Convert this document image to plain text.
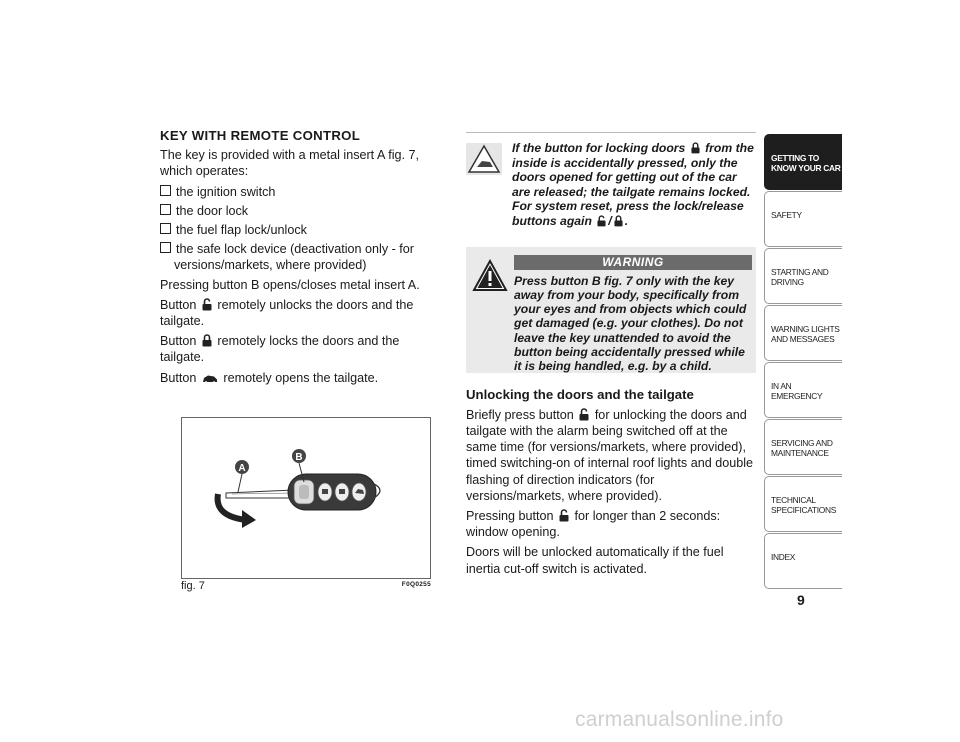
KEY WITH REMOTE CONTROL
The key is provided with a metal insert A fig. 7, which operates:
the ignition switch
the door lock
the fuel flap lock/unlock
the safe lock device (deactivation only - for versions/markets, where provided)
Pressing button B opens/closes metal insert A.
Button remotely unlocks the doors and the tailgate.
Button remotely locks the doors and the tailgate.
Button remotely opens the tailgate.
A
B
fig. 7	F0Q0255
If the button for locking doors from the inside is accidentally pressed, only the doors opened for getting out of the car are released; the tailgate remains locked. For system reset, press the lock/release buttons again / .
WARNING
Press button B fig. 7 only with the key away from your body, specifically from your eyes and from objects which could get damaged (e.g. your clothes). Do not leave the key unattended to avoid the button being accidentally pressed while it is being handled, e.g. by a child.
Unlocking the doors and the tailgate
Briefly press button for unlocking the doors and tailgate with the alarm being switched off at the same time (for versions/markets, where provided), timed switching-on of internal roof lights and double flashing of direction indicators (for versions/markets, where provided).
Pressing button for longer than 2 seconds: window opening.
Doors will be unlocked automatically if the fuel inertia cut-off switch is activated.
GETTING TO
KNOW YOUR CAR
SAFETY

STARTING AND
DRIVING
WARNING LIGHTS
AND MESSAGES
IN AN EMERGENCY

SERVICING AND
MAINTENANCE
TECHNICAL
SPECIFICATIONS
INDEX

9
carmanualsonline.info
